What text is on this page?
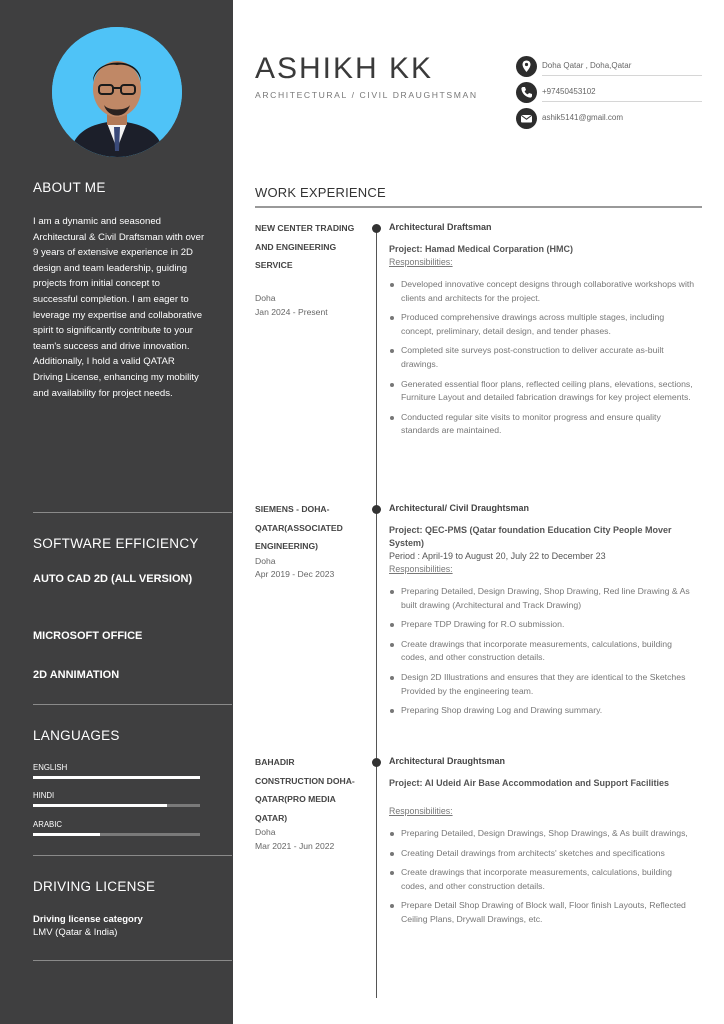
ABOUT ME
I am a dynamic and seasoned Architectural & Civil Draftsman with over 9 years of extensive experience in 2D design and team leadership, guiding projects from initial concept to successful completion. I am eager to leverage my expertise and collaborative spirit to significantly contribute to your team's success and drive innovation. Additionally, I hold a valid QATAR Driving License, enhancing my mobility and availability for project needs.
SOFTWARE EFFICIENCY
AUTO CAD 2D (ALL VERSION)
MICROSOFT OFFICE
2D ANNIMATION
LANGUAGES
ENGLISH
HINDI
ARABIC
DRIVING LICENSE
Driving license category
LMV (Qatar & India)
ASHIKH KK
ARCHITECTURAL / CIVIL DRAUGHTSMAN
Doha Qatar , Doha,Qatar
+97450453102
ashik5141@gmail.com
WORK EXPERIENCE
NEW CENTER TRADING AND ENGINEERING SERVICE
Doha
Jan 2024 - Present
Architectural Draftsman
Project: Hamad Medical Corparation (HMC)
Responsibilities:
Developed innovative concept designs through collaborative workshops with clients and architects for the project.
Produced comprehensive drawings across multiple stages, including concept, preliminary, detail design, and tender phases.
Completed site surveys post-construction to deliver accurate as-built drawings.
Generated essential floor plans, reflected ceiling plans, elevations, sections, Furniture Layout and detailed fabrication drawings for key project elements.
Conducted regular site visits to monitor progress and ensure quality standards are maintained.
SIEMENS - DOHA-QATAR(ASSOCIATED ENGINEERING)
Doha
Apr 2019 - Dec 2023
Architectural/ Civil Draughtsman
Project: QEC-PMS (Qatar foundation Education City People Mover System)
Period : April-19 to August 20, July 22 to December 23
Responsibilities:
Preparing Detailed, Design Drawing, Shop Drawing, Red line Drawing & As built drawing (Architectural and Track Drawing)
Prepare TDP Drawing for R.O submission.
Create drawings that incorporate measurements, calculations, building codes, and other construction details.
Design 2D Illustrations and ensures that they are identical to the Sketches Provided by the engineering team.
Preparing Shop drawing Log and Drawing summary.
BAHADIR CONSTRUCTION DOHA-QATAR(PRO MEDIA QATAR)
Doha
Mar 2021 - Jun 2022
Architectural Draughtsman
Project: Al Udeid Air Base Accommodation and Support Facilities
Responsibilities:
Preparing Detailed, Design Drawings, Shop Drawings, & As built drawings,
Creating Detail drawings from architects' sketches and specifications
Create drawings that incorporate measurements, calculations, building codes, and other construction details.
Prepare Detail Shop Drawing of Block wall, Floor finish Layouts, Reflected Ceiling Plans, Drywall Drawings, etc.
